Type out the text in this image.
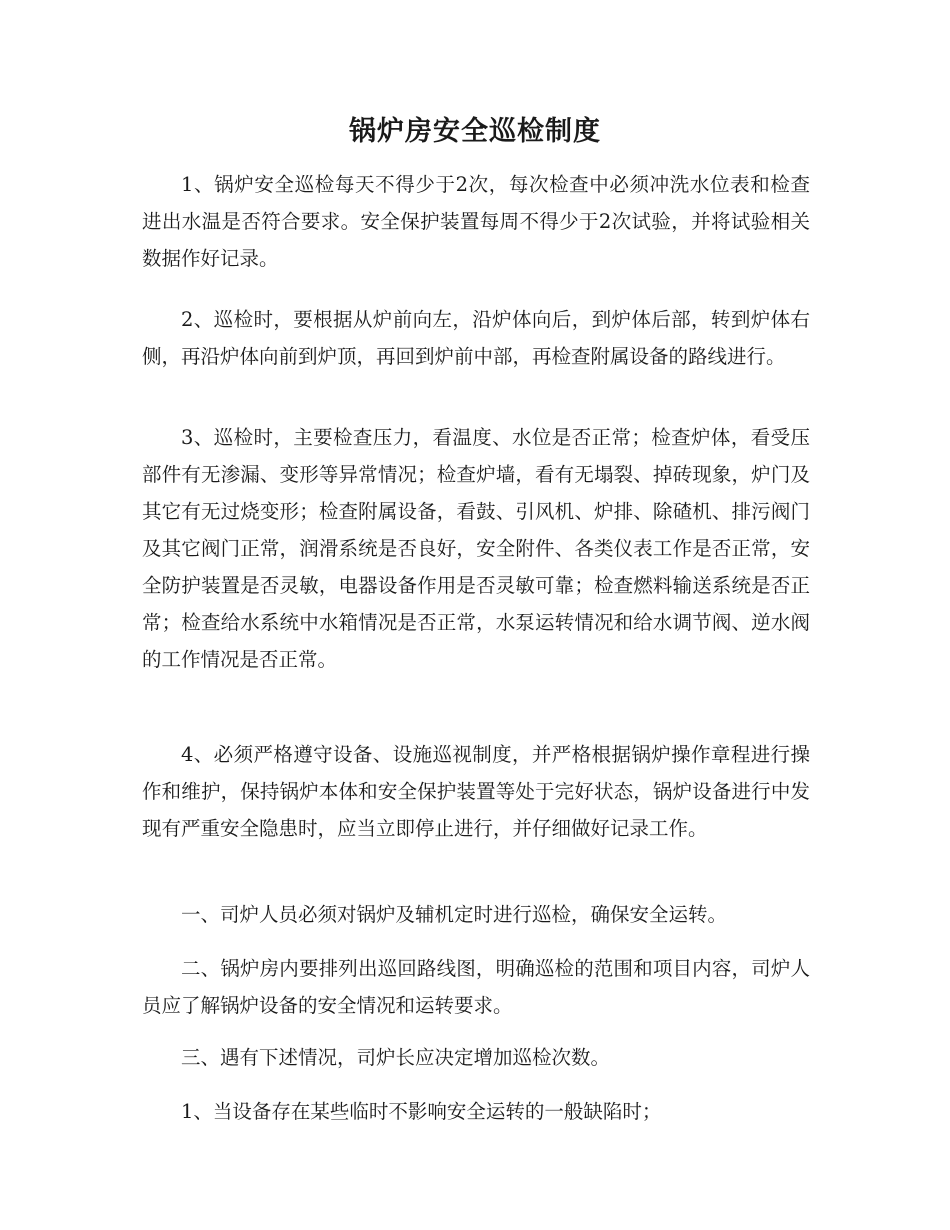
锅炉房安全巡检制度

1、锅炉安全巡检每天不得少于2次，每次检查中必须冲洗水位表和检查进出水温是否符合要求。安全保护装置每周不得少于2次试验，并将试验相关数据作好记录。

2、巡检时，要根据从炉前向左，沿炉体向后，到炉体后部，转到炉体右侧，再沿炉体向前到炉顶，再回到炉前中部，再检查附属设备的路线进行。

3、巡检时，主要检查压力，看温度、水位是否正常；检查炉体，看受压部件有无渗漏、变形等异常情况；检查炉墙，看有无塌裂、掉砖现象，炉门及其它有无过烧变形；检查附属设备，看鼓、引风机、炉排、除碴机、排污阀门及其它阀门正常，润滑系统是否良好，安全附件、各类仪表工作是否正常，安全防护装置是否灵敏，电器设备作用是否灵敏可靠；检查燃料输送系统是否正常；检查给水系统中水箱情况是否正常，水泵运转情况和给水调节阀、逆水阀的工作情况是否正常。

4、必须严格遵守设备、设施巡视制度，并严格根据锅炉操作章程进行操作和维护，保持锅炉本体和安全保护装置等处于完好状态，锅炉设备进行中发现有严重安全隐患时，应当立即停止进行，并仔细做好记录工作。

一、司炉人员必须对锅炉及辅机定时进行巡检，确保安全运转。

二、锅炉房内要排列出巡回路线图，明确巡检的范围和项目内容，司炉人员应了解锅炉设备的安全情况和运转要求。

三、遇有下述情况，司炉长应决定增加巡检次数。

1、当设备存在某些临时不影响安全运转的一般缺陷时；
